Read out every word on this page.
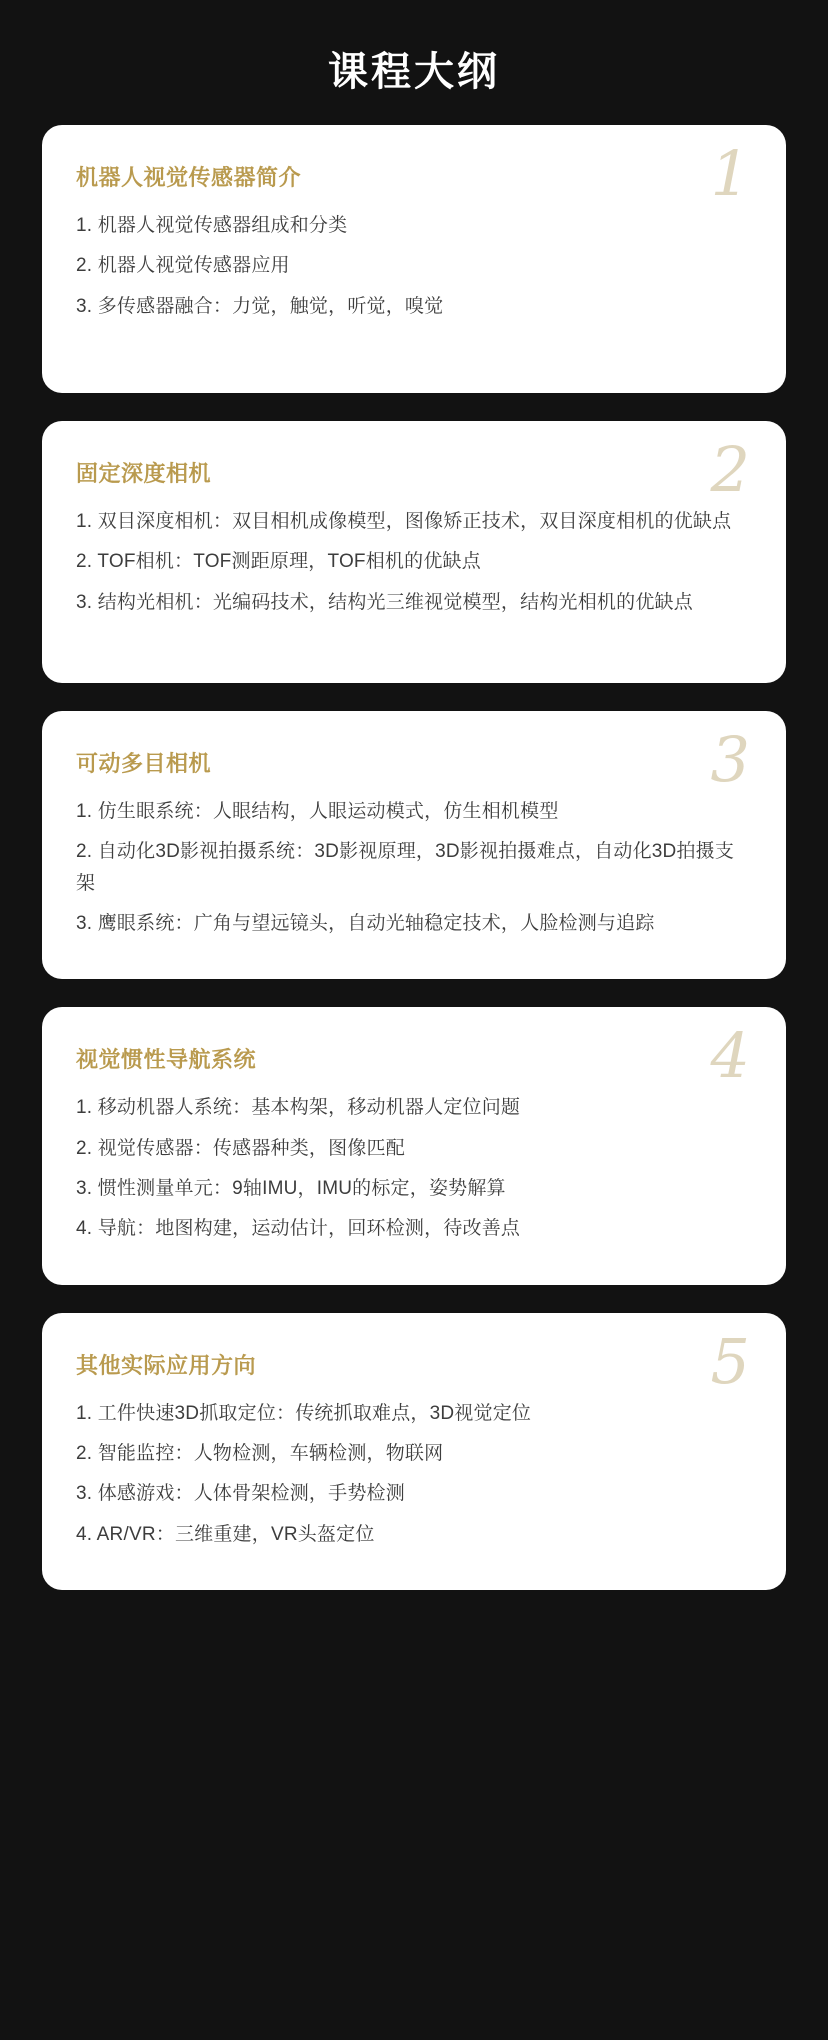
课程大纲
1
机器人视觉传感器简介
1. 机器人视觉传感器组成和分类
2. 机器人视觉传感器应用
3. 多传感器融合：力觉，触觉，听觉，嗅觉
2
固定深度相机
1. 双目深度相机：双目相机成像模型，图像矫正技术，双目深度相机的优缺点
2. TOF相机：TOF测距原理，TOF相机的优缺点
3. 结构光相机：光编码技术，结构光三维视觉模型，结构光相机的优缺点
3
可动多目相机
1. 仿生眼系统：人眼结构，人眼运动模式，仿生相机模型
2. 自动化3D影视拍摄系统：3D影视原理，3D影视拍摄难点，自动化3D拍摄支架
3. 鹰眼系统：广角与望远镜头，自动光轴稳定技术，人脸检测与追踪
4
视觉惯性导航系统
1. 移动机器人系统：基本构架，移动机器人定位问题
2. 视觉传感器：传感器种类，图像匹配
3. 惯性测量单元：9轴IMU，IMU的标定，姿势解算
4. 导航：地图构建，运动估计，回环检测，待改善点
5
其他实际应用方向
1. 工件快速3D抓取定位：传统抓取难点，3D视觉定位
2. 智能监控：人物检测，车辆检测，物联网
3. 体感游戏：人体骨架检测，手势检测
4. AR/VR：三维重建，VR头盔定位
